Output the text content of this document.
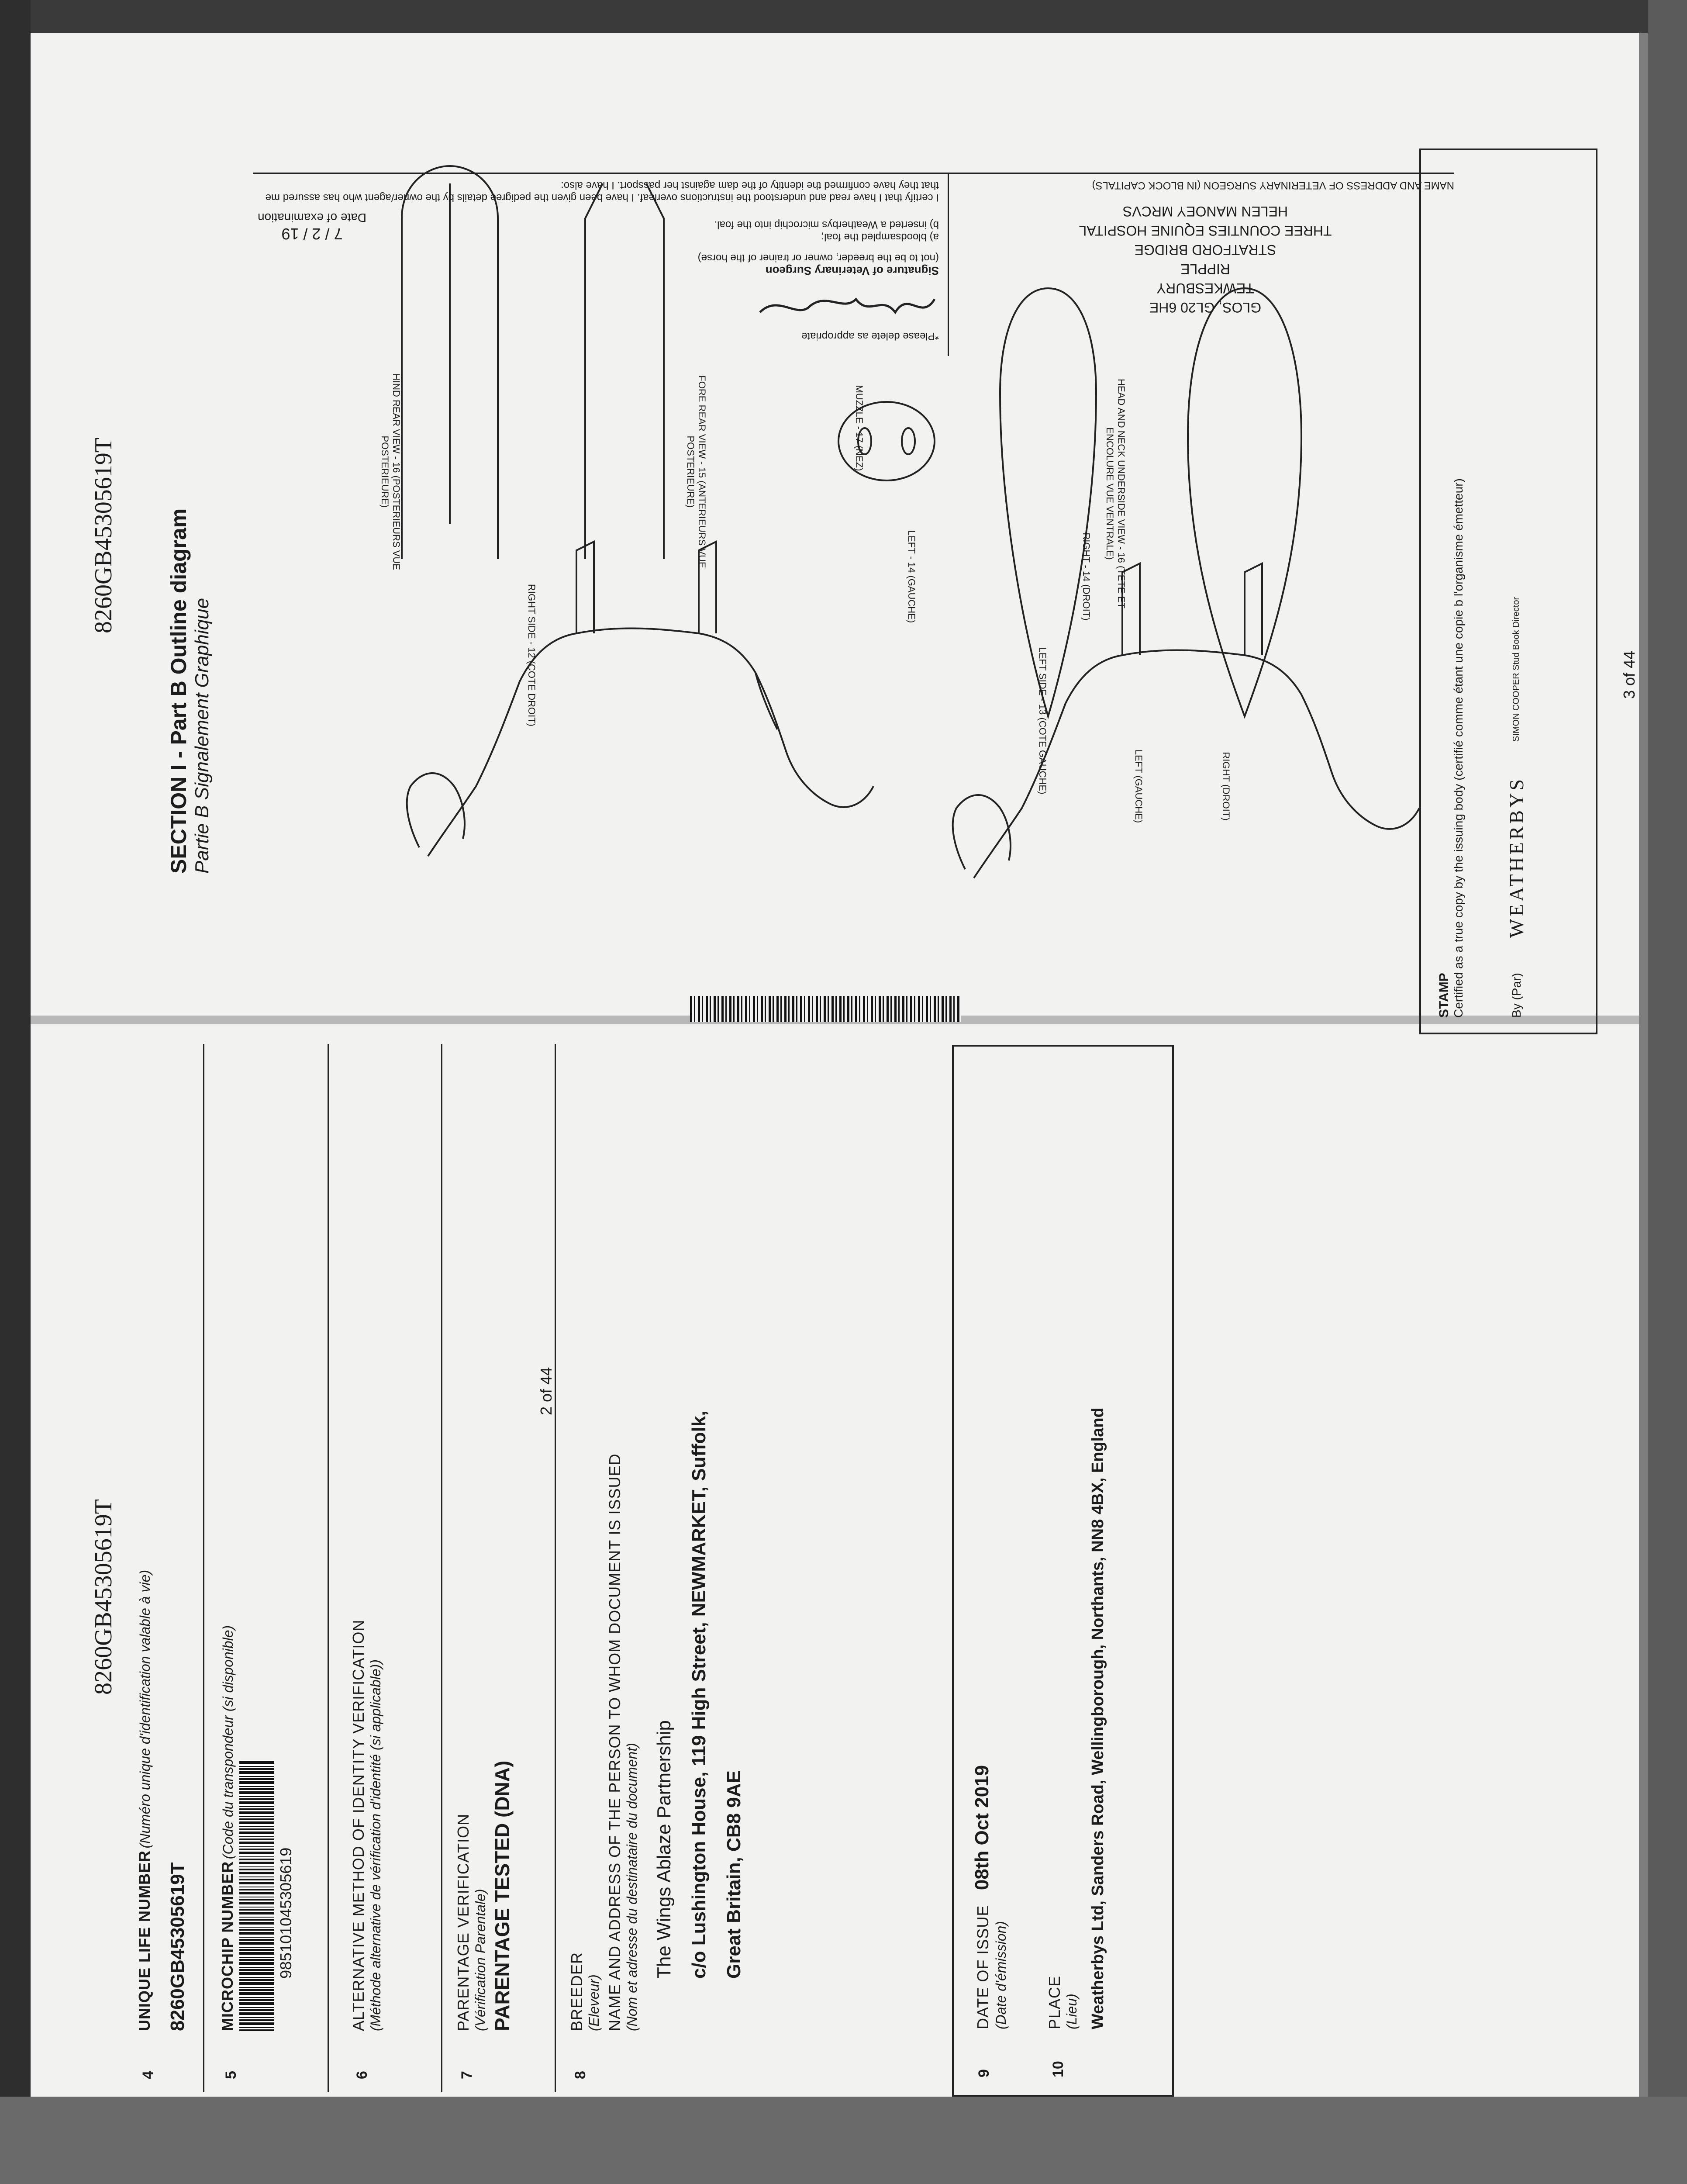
8260GB45305619T
4
UNIQUE LIFE NUMBER (Numéro unique d'identification valable à vie)
8260GB45305619T
5
MICROCHIP NUMBER (Code du transpondeur (si disponible)
985101045305619
6
ALTERNATIVE METHOD OF IDENTITY VERIFICATION (Méthode alternative de vérification d'identité (si applicable))
7
PARENTAGE VERIFICATION (Vérification Parentale) PARENTAGE TESTED (DNA)
8
BREEDER (Eleveur) NAME AND ADDRESS OF THE PERSON TO WHOM DOCUMENT IS ISSUED (Nom et adresse du destinataire du document) The Wings Ablaze Partnership c/o Lushington House, 119 High Street, NEWMARKET, Suffolk, Great Britain, CB8 9AE
9
DATE OF ISSUE 08th Oct 2019
(Date d'émission)
10
PLACE (Lieu) Weatherbys Ltd, Sanders Road, Wellingborough, Northants, NN8 4BX, England
2 of 44
8260GB45305619T SECTION I - Part B Outline diagram Partie B Signalement Graphique	RIGHT SIDE - 12 (COTE DROIT)	LEFT SIDE - 13 (COTE GAUCHE)
LEFT - 14 (GAUCHE)	RIGHT - 14 (DROIT)
HIND REAR VIEW - 16 (POSTERIEURS VUE POSTERIEURE)	FORE REAR VIEW - 15 (ANTERIEURS VUE POSTERIEURE)
MUZZLE - 17 (NEZ)	HEAD AND NECK UNDERSIDE VIEW - 16 (TETE ET ENCOLURE VUE VENTRALE)
LEFT (GAUCHE)	RIGHT (DROIT)
*Please delete as appropriate
Signature of Veterinary Surgeon
(not to be the breeder, owner or trainer of the horse)
a) bloodsampled the foal;
b) inserted a Weatherbys microchip into the foal.
7 / 2 / 19
Date of examination
I certify that I have read and understood the instructions overleaf. I have been given the pedigree details by the owner/agent who has assured me that they have confirmed the identity of the dam against her passport. I have also:
GLOS, GL20 6HE
TEWKESBURY
RIPPLE
STRATFORD BRIDGE
THREE COUNTIES EQUINE HOSPITAL
HELEN MANOEY MRCVS
NAME AND ADDRESS OF VETERINARY SURGEON (IN BLOCK CAPITALS)
STAMP Certified as a true copy by the issuing body (certifié comme étant une copie b l'organisme émetteur)	By (Par)
WEATHERBYS
SIMON COOPER Stud Book Director	3 of 44
